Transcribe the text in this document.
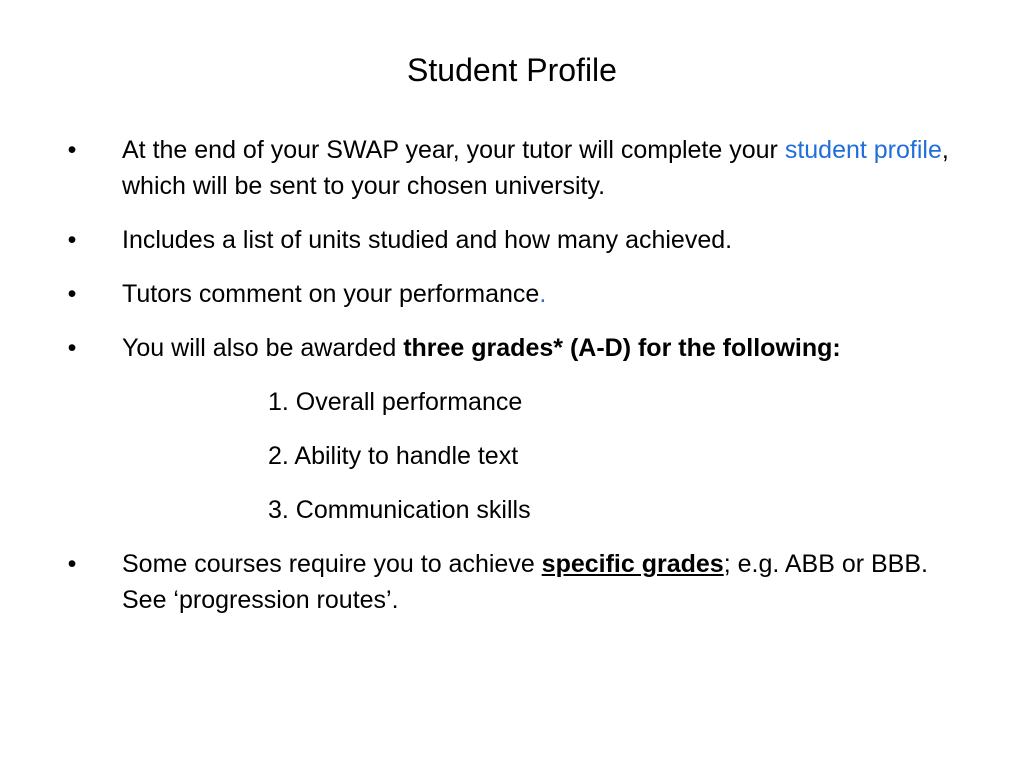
Student Profile
• At the end of your SWAP year, your tutor will complete your student profile, which will be sent to your chosen university.
• Includes a list of units studied and how many achieved.
• Tutors comment on your performance.
• You will also be awarded three grades* (A-D) for the following:
1. Overall performance
2. Ability to handle text
3. Communication skills
• Some courses require you to achieve specific grades; e.g. ABB or BBB. See ‘progression routes’.
